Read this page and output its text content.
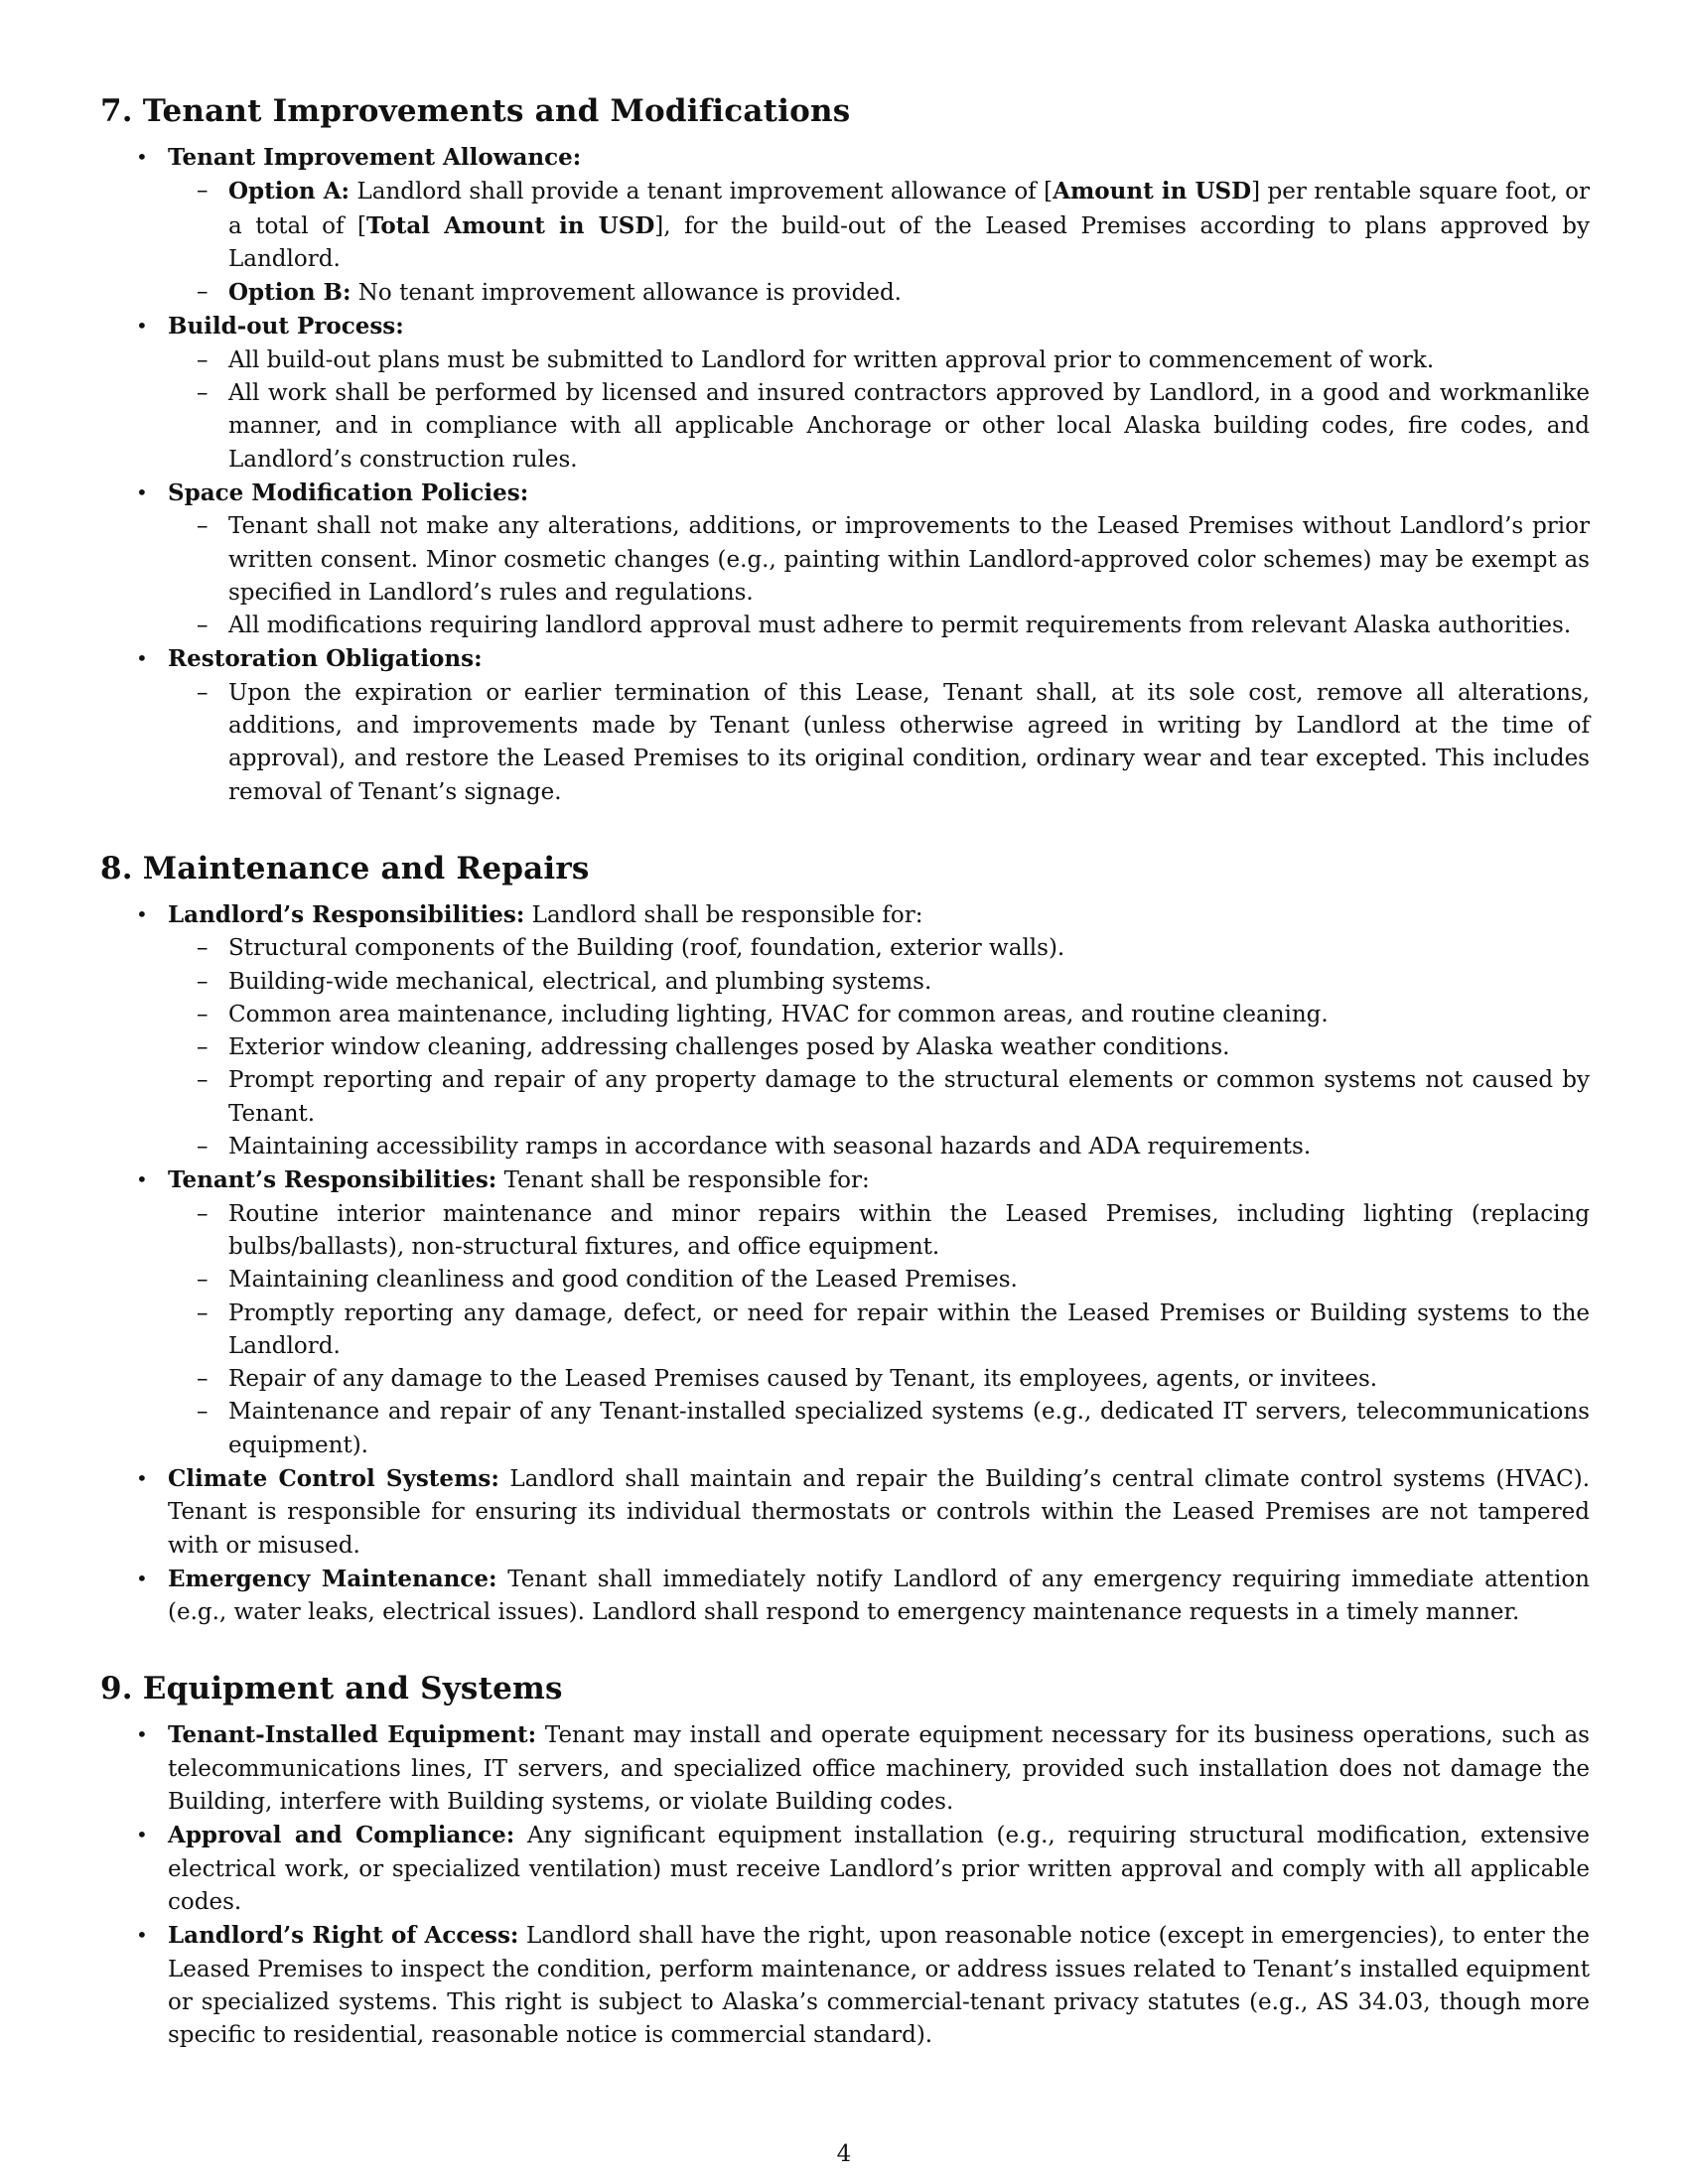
7. Tenant Improvements and Modifications
• Tenant Improvement Allowance:
– Option A: Landlord shall provide a tenant improvement allowance of [Amount in USD] per rentable square foot, or a total of [Total Amount in USD], for the build-out of the Leased Premises according to plans approved by Landlord.
– Option B: No tenant improvement allowance is provided.
• Build-out Process:
– All build-out plans must be submitted to Landlord for written approval prior to commencement of work.
– All work shall be performed by licensed and insured contractors approved by Landlord, in a good and workmanlike manner, and in compliance with all applicable Anchorage or other local Alaska building codes, fire codes, and Landlord’s construction rules.
• Space Modification Policies:
– Tenant shall not make any alterations, additions, or improvements to the Leased Premises without Landlord’s prior written consent. Minor cosmetic changes (e.g., painting within Landlord-approved color schemes) may be exempt as specified in Landlord’s rules and regulations.
– All modifications requiring landlord approval must adhere to permit requirements from relevant Alaska authorities.
• Restoration Obligations:
– Upon the expiration or earlier termination of this Lease, Tenant shall, at its sole cost, remove all alterations, additions, and improvements made by Tenant (unless otherwise agreed in writing by Landlord at the time of approval), and restore the Leased Premises to its original condition, ordinary wear and tear excepted. This includes removal of Tenant’s signage.
8. Maintenance and Repairs
• Landlord’s Responsibilities: Landlord shall be responsible for:
– Structural components of the Building (roof, foundation, exterior walls).
– Building-wide mechanical, electrical, and plumbing systems.
– Common area maintenance, including lighting, HVAC for common areas, and routine cleaning.
– Exterior window cleaning, addressing challenges posed by Alaska weather conditions.
– Prompt reporting and repair of any property damage to the structural elements or common systems not caused by Tenant.
– Maintaining accessibility ramps in accordance with seasonal hazards and ADA requirements.
• Tenant’s Responsibilities: Tenant shall be responsible for:
– Routine interior maintenance and minor repairs within the Leased Premises, including lighting (replacing bulbs/ballasts), non-structural fixtures, and office equipment.
– Maintaining cleanliness and good condition of the Leased Premises.
– Promptly reporting any damage, defect, or need for repair within the Leased Premises or Building systems to the Landlord.
– Repair of any damage to the Leased Premises caused by Tenant, its employees, agents, or invitees.
– Maintenance and repair of any Tenant-installed specialized systems (e.g., dedicated IT servers, telecommunications equipment).
• Climate Control Systems: Landlord shall maintain and repair the Building’s central climate control systems (HVAC). Tenant is responsible for ensuring its individual thermostats or controls within the Leased Premises are not tampered with or misused.
• Emergency Maintenance: Tenant shall immediately notify Landlord of any emergency requiring immediate attention (e.g., water leaks, electrical issues). Landlord shall respond to emergency maintenance requests in a timely manner.
9. Equipment and Systems
• Tenant-Installed Equipment: Tenant may install and operate equipment necessary for its business operations, such as telecommunications lines, IT servers, and specialized office machinery, provided such installation does not damage the Building, interfere with Building systems, or violate Building codes.
• Approval and Compliance: Any significant equipment installation (e.g., requiring structural modification, extensive electrical work, or specialized ventilation) must receive Landlord’s prior written approval and comply with all applicable codes.
• Landlord’s Right of Access: Landlord shall have the right, upon reasonable notice (except in emergencies), to enter the Leased Premises to inspect the condition, perform maintenance, or address issues related to Tenant’s installed equipment or specialized systems. This right is subject to Alaska’s commercial-tenant privacy statutes (e.g., AS 34.03, though more specific to residential, reasonable notice is commercial standard).
4
